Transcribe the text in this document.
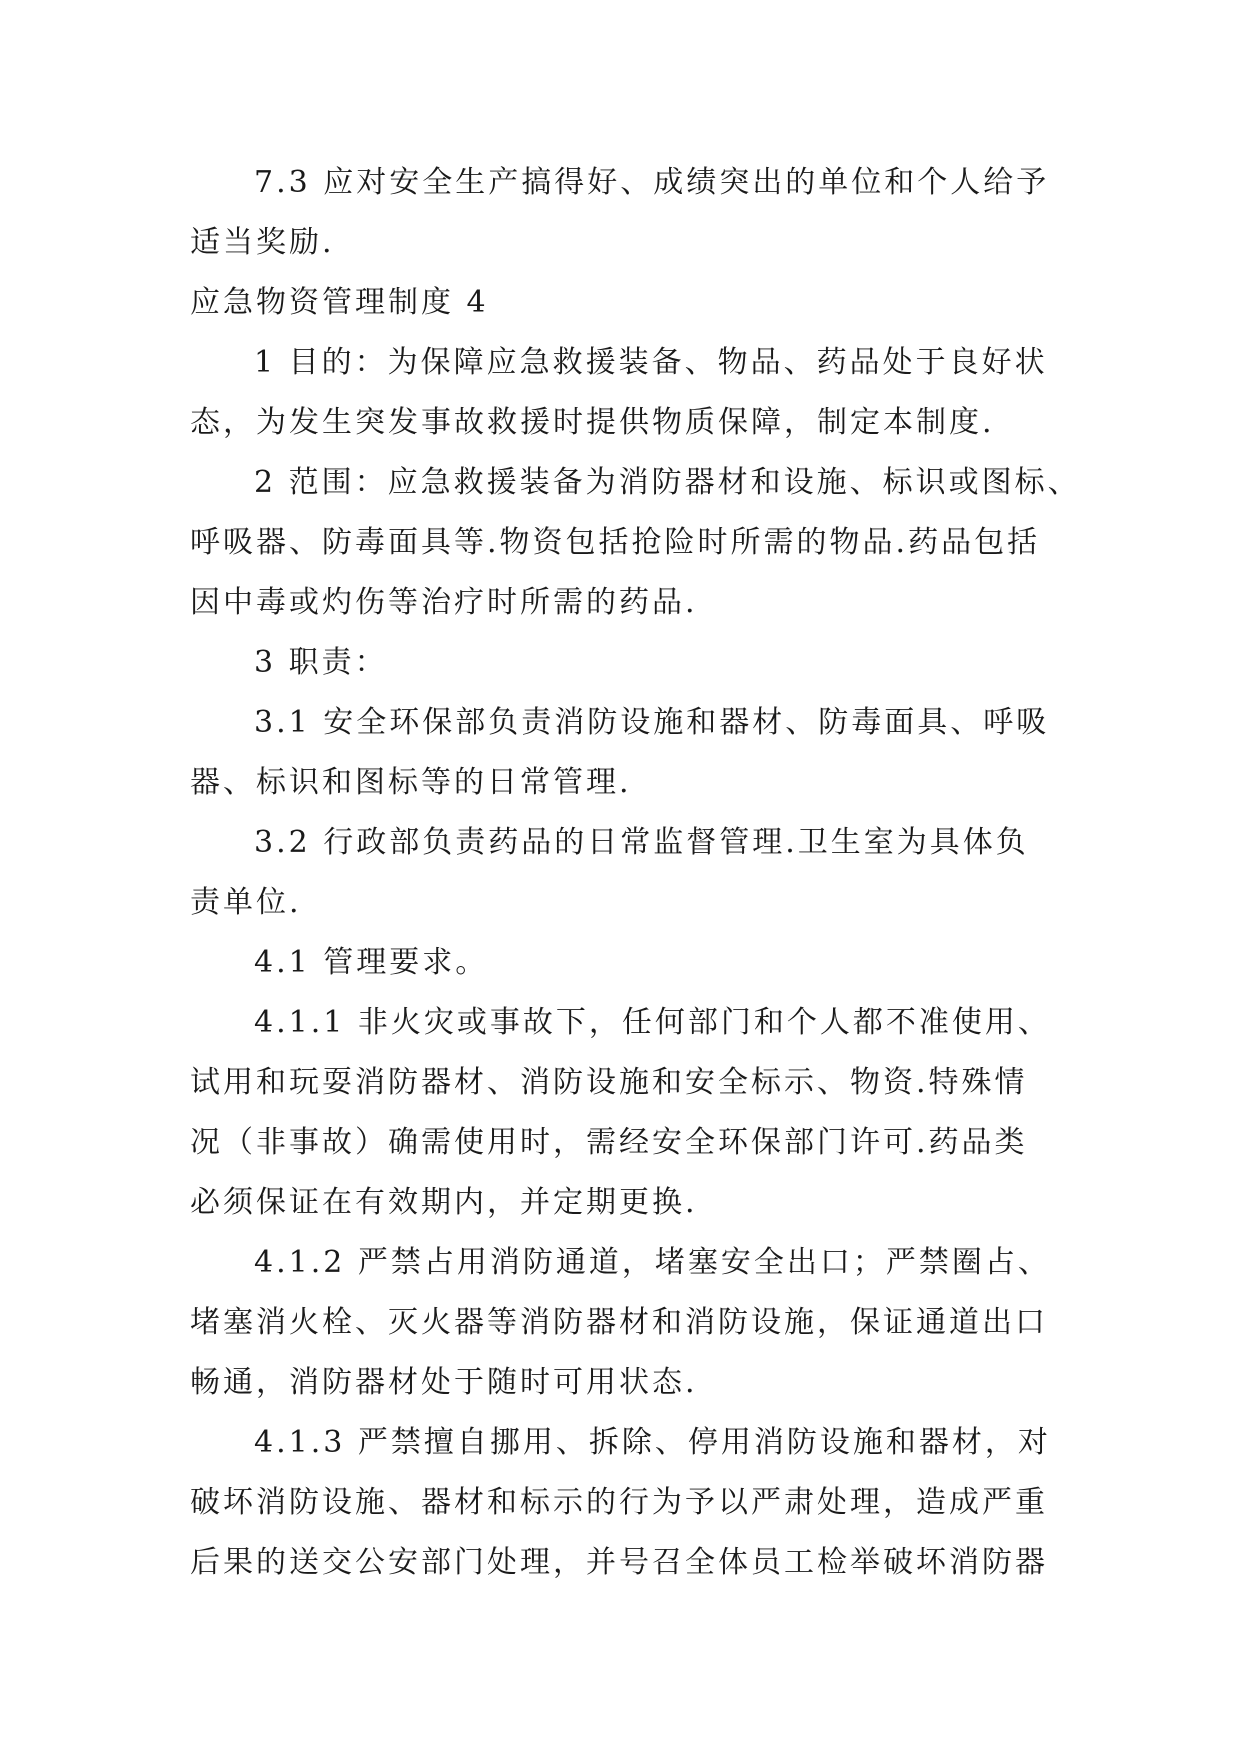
7.3 应对安全生产搞得好、成绩突出的单位和个人给予
适当奖励.
应急物资管理制度 4
1 目的：为保障应急救援装备、物品、药品处于良好状
态，为发生突发事故救援时提供物质保障，制定本制度.
2 范围：应急救援装备为消防器材和设施、标识或图标、
呼吸器、防毒面具等.物资包括抢险时所需的物品.药品包括
因中毒或灼伤等治疗时所需的药品.
3 职责：
3.1 安全环保部负责消防设施和器材、防毒面具、呼吸
器、标识和图标等的日常管理.
3.2 行政部负责药品的日常监督管理.卫生室为具体负
责单位.
4.1 管理要求。
4.1.1 非火灾或事故下，任何部门和个人都不准使用、
试用和玩耍消防器材、消防设施和安全标示、物资.特殊情
况（非事故）确需使用时，需经安全环保部门许可.药品类
必须保证在有效期内，并定期更换.
4.1.2 严禁占用消防通道，堵塞安全出口；严禁圈占、
堵塞消火栓、灭火器等消防器材和消防设施，保证通道出口
畅通，消防器材处于随时可用状态.
4.1.3 严禁擅自挪用、拆除、停用消防设施和器材，对
破坏消防设施、器材和标示的行为予以严肃处理，造成严重
后果的送交公安部门处理，并号召全体员工检举破坏消防器
